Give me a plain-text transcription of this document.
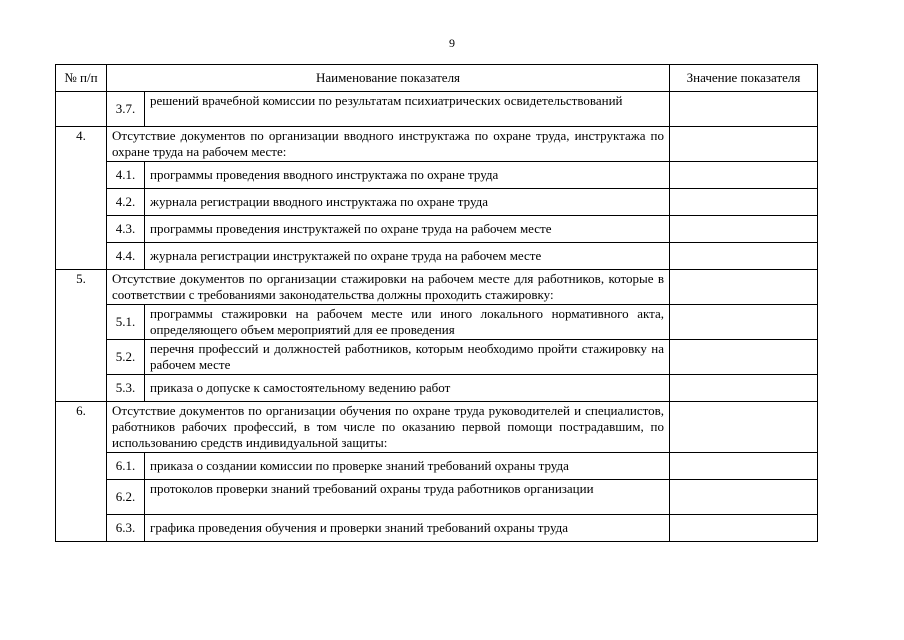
9
№ п/п	Наименование показателя		Значение показателя
	3.7.	решений врачебной комиссии по результатам психиатрических освидетельствований	
4.	Отсутствие документов по организации вводного инструктажа по охране труда, инструктажа по охране труда на рабочем месте:		
	4.1.	программы проведения вводного инструктажа по охране труда	
	4.2.	журнала регистрации вводного инструктажа по охране труда	
	4.3.	программы проведения инструктажей по охране труда на рабочем месте	
	4.4.	журнала регистрации инструктажей по охране труда на рабочем месте	
5.	Отсутствие документов по организации стажировки на рабочем месте для работников, которые в соответствии с требованиями законодательства должны проходить стажировку:		
	5.1.	программы стажировки на рабочем месте или иного локального нормативного акта, определяющего объем мероприятий для ее проведения	
	5.2.	перечня профессий и должностей работников, которым необходимо пройти стажировку на рабочем месте	
	5.3.	приказа о допуске к самостоятельному ведению работ	
6.	Отсутствие документов по организации обучения по охране труда руководителей и специалистов, работников рабочих профессий, в том числе по оказанию первой помощи пострадавшим, по использованию средств индивидуальной защиты:		
	6.1.	приказа о создании комиссии по проверке знаний требований охраны труда	
	6.2.	протоколов проверки знаний требований охраны труда работников организации	
	6.3.	графика проведения обучения и проверки знаний требований охраны труда	
